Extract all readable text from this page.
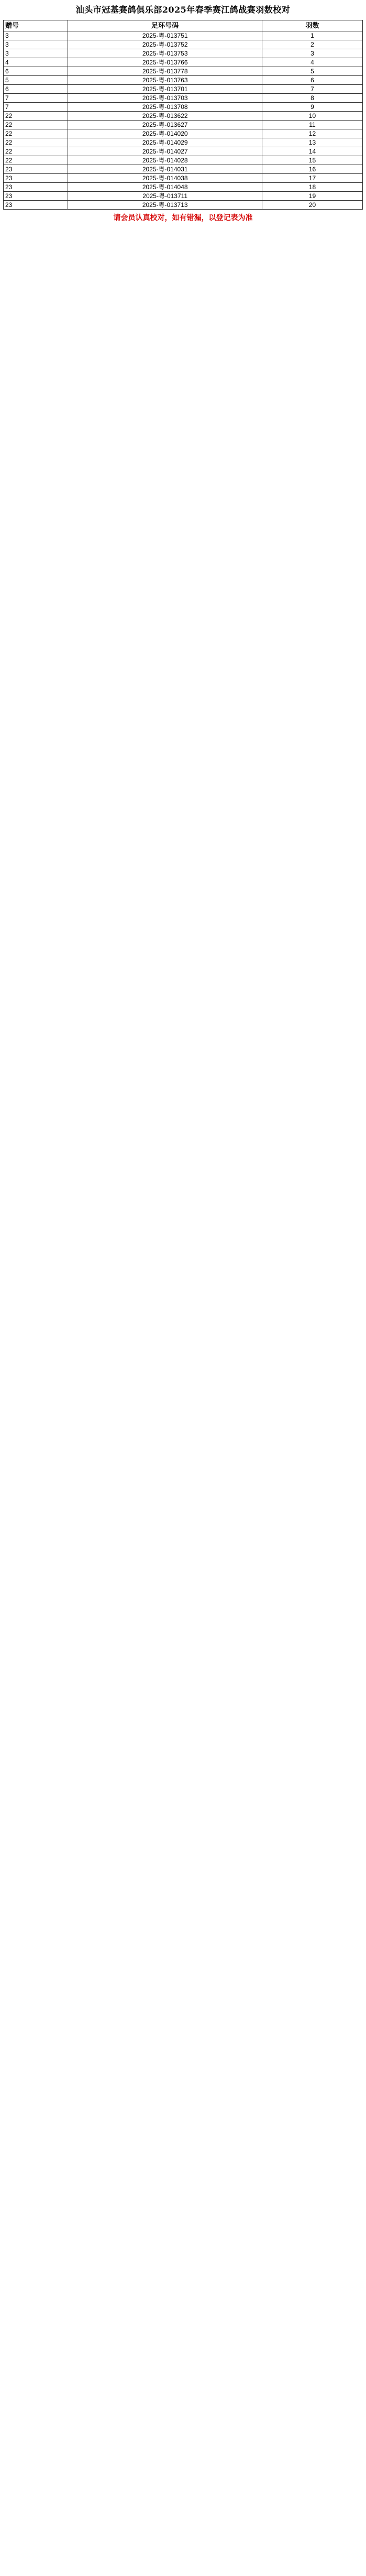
汕头市冠基赛鸽俱乐部2025年春季赛江鸽战赛羽数校对
赠号	足环号码	羽数
3	2025-粤-013751	1
3	2025-粤-013752	2
3	2025-粤-013753	3
4	2025-粤-013766	4
6	2025-粤-013778	5
5	2025-粤-013763	6
6	2025-粤-013701	7
7	2025-粤-013703	8
7	2025-粤-013708	9
22	2025-粤-013622	10
22	2025-粤-013627	11
22	2025-粤-014020	12
22	2025-粤-014029	13
22	2025-粤-014027	14
22	2025-粤-014028	15
23	2025-粤-014031	16
23	2025-粤-014038	17
23	2025-粤-014048	18
23	2025-粤-013711	19
23	2025-粤-013713	20
请会员认真校对，如有错漏，以登记表为准
